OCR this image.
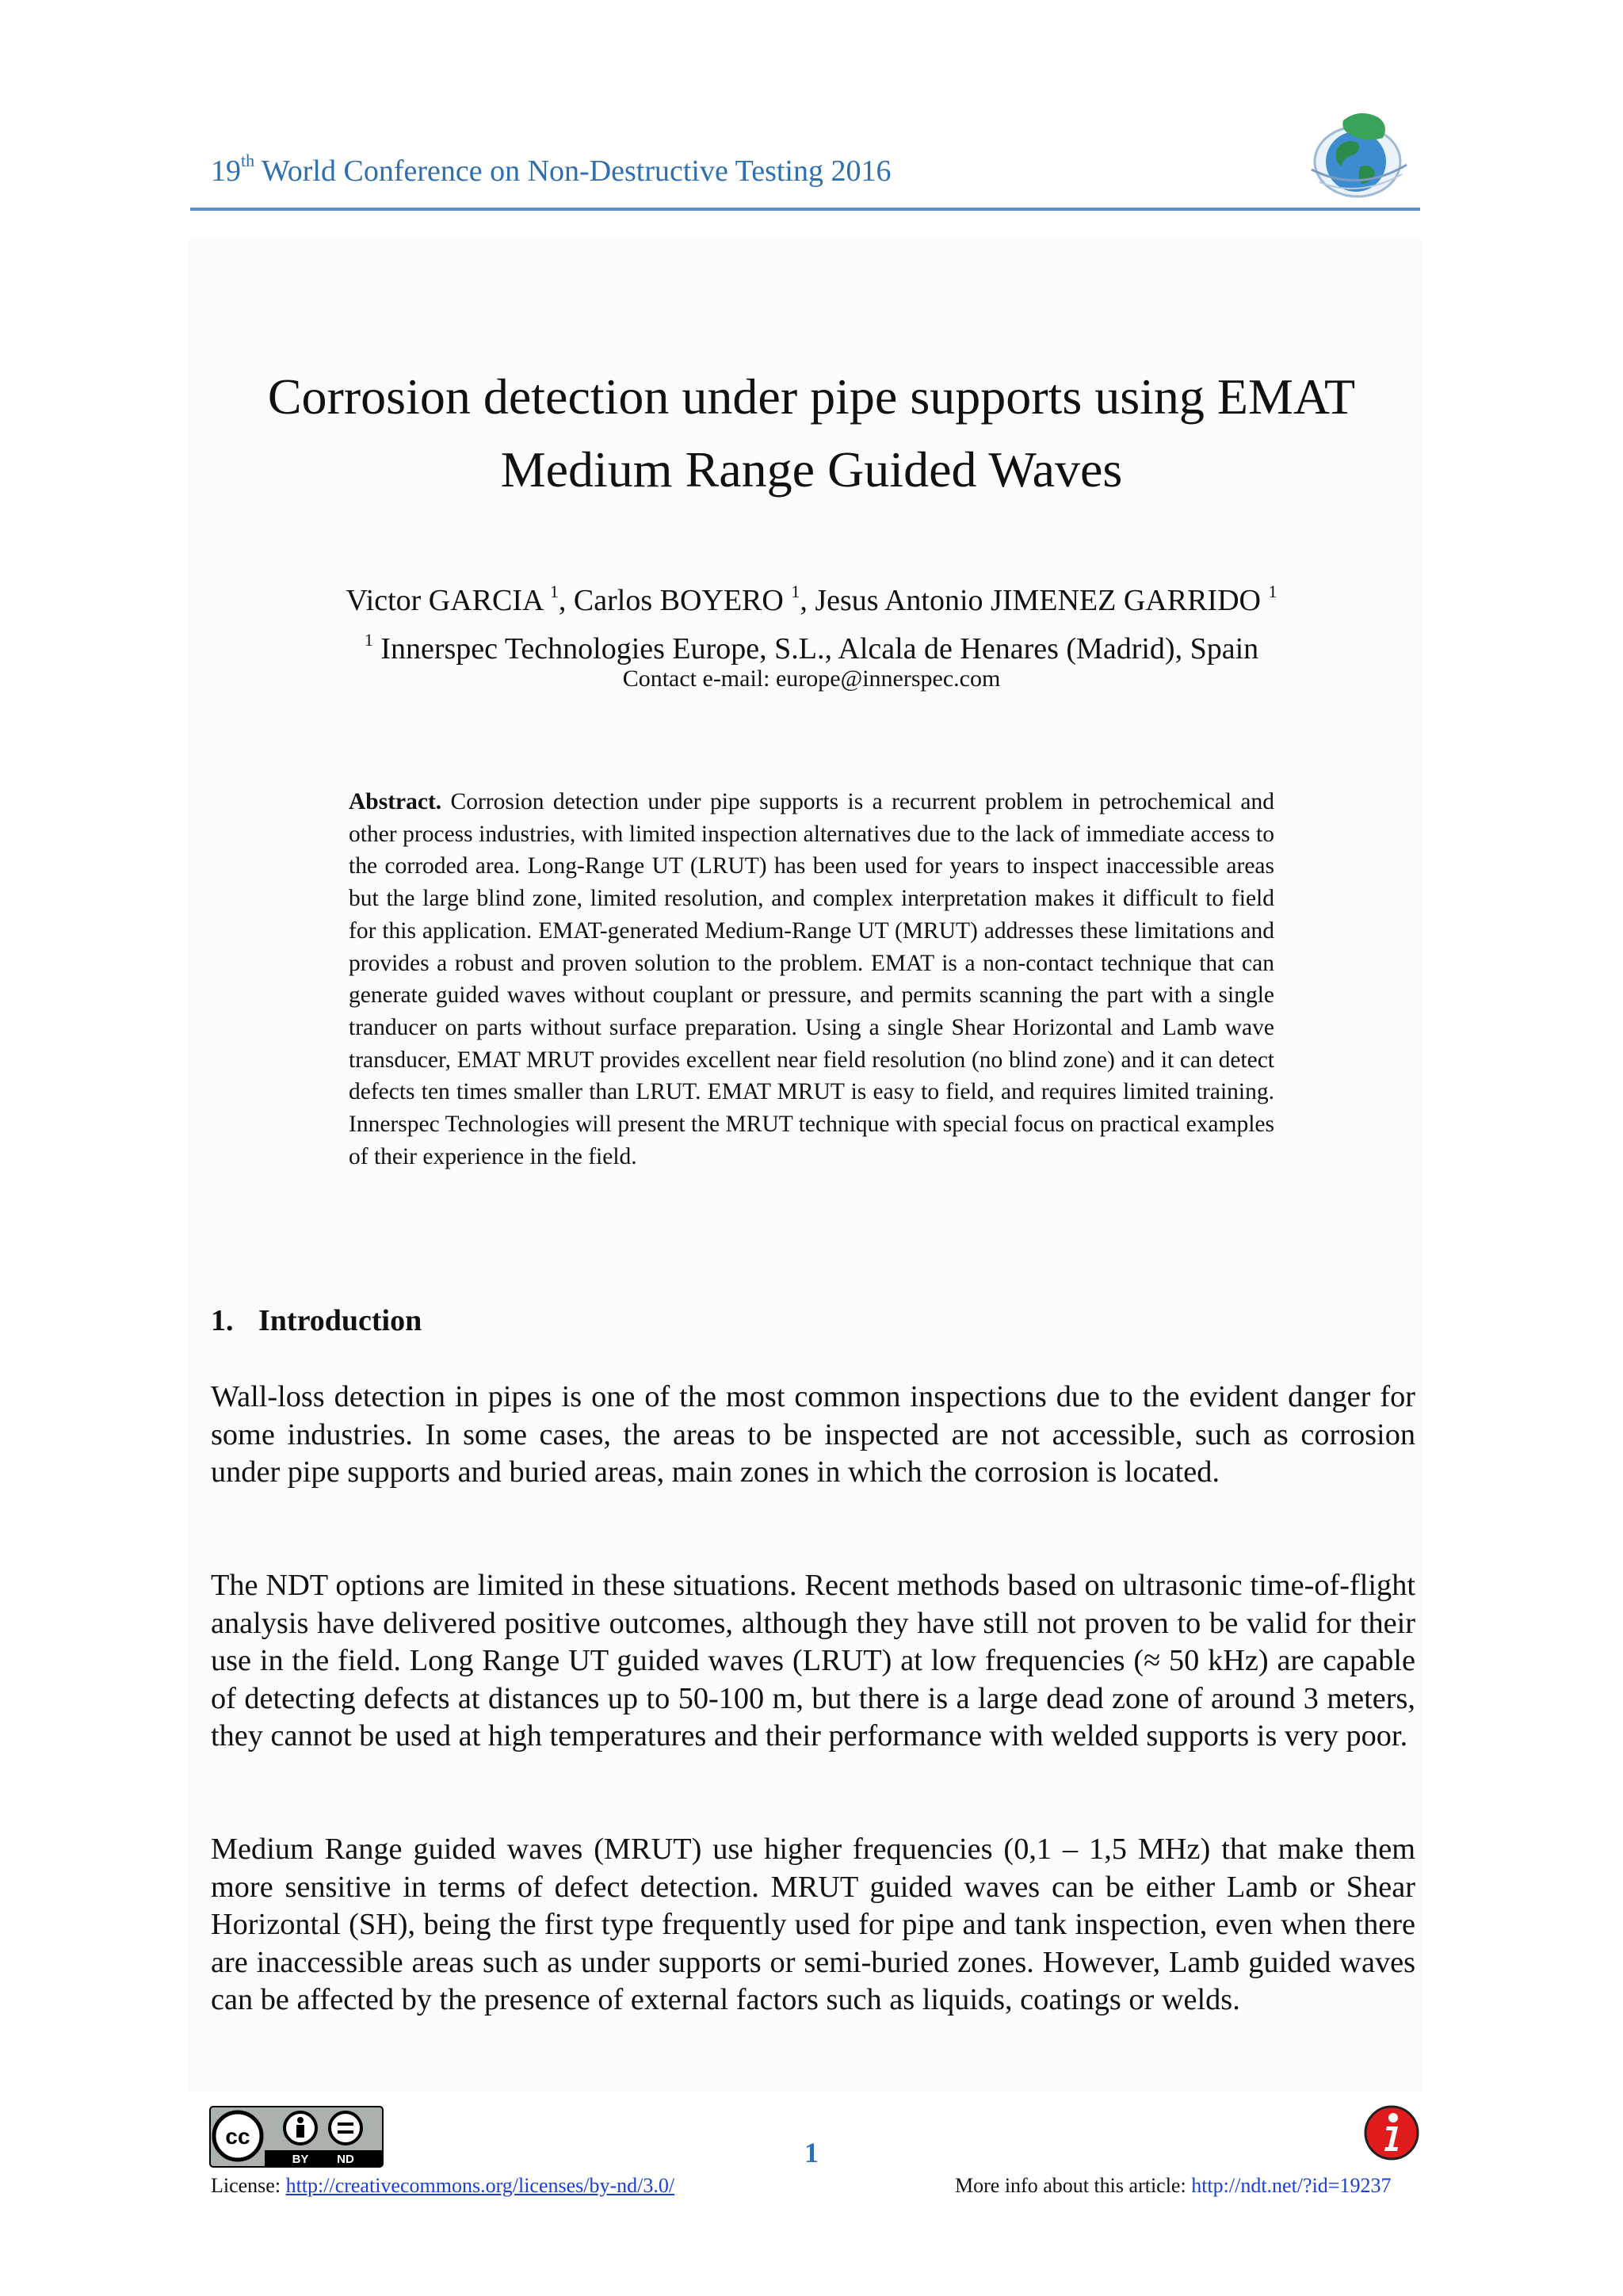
19th World Conference on Non-Destructive Testing 2016
Corrosion detection under pipe supports using EMAT
Medium Range Guided Waves
Victor GARCIA $^1$, Carlos BOYERO $^1$, Jesus Antonio JIMENEZ GARRIDO $^1$
$^1$ Innerspec Technologies Europe, S.L., Alcala de Henares (Madrid), Spain
Contact e-mail: europe@innerspec.com
Abstract. Corrosion detection under pipe supports is a recurrent problem in petrochemical and other process industries, with limited inspection alternatives due to the lack of immediate access to the corroded area. Long-Range UT (LRUT) has been used for years to inspect inaccessible areas but the large blind zone, limited resolution, and complex interpretation makes it difficult to field for this application. EMAT-generated Medium-Range UT (MRUT) addresses these limitations and provides a robust and proven solution to the problem. EMAT is a non-contact technique that can generate guided waves without couplant or pressure, and permits scanning the part with a single tranducer on parts without surface preparation. Using a single Shear Horizontal and Lamb wave transducer, EMAT MRUT provides excellent near field resolution (no blind zone) and it can detect defects ten times smaller than LRUT. EMAT MRUT is easy to field, and requires limited training. Innerspec Technologies will present the MRUT technique with special focus on practical examples of their experience in the field.
1. Introduction

Wall-loss detection in pipes is one of the most common inspections due to the evident danger for some industries. In some cases, the areas to be inspected are not accessible, such as corrosion under pipe supports and buried areas, main zones in which the corrosion is located.

The NDT options are limited in these situations. Recent methods based on ultrasonic time-of-flight analysis have delivered positive outcomes, although they have still not proven to be valid for their use in the field. Long Range UT guided waves (LRUT) at low frequencies (≈ 50 kHz) are capable of detecting defects at distances up to 50-100 m, but there is a large dead zone of around 3 meters, they cannot be used at high temperatures and their performance with welded supports is very poor.

Medium Range guided waves (MRUT) use higher frequencies (0,1 – 1,5 MHz) that make them more sensitive in terms of defect detection. MRUT guided waves can be either Lamb or Shear Horizontal (SH), being the first type frequently used for pipe and tank inspection, even when there are inaccessible areas such as under supports or semi-buried zones. However, Lamb guided waves can be affected by the presence of external factors such as liquids, coatings or welds.

cc
BY ND	1
License: http://creativecommons.org/licenses/by-nd/3.0/	More info about this article: http://ndt.net/?id=19237
